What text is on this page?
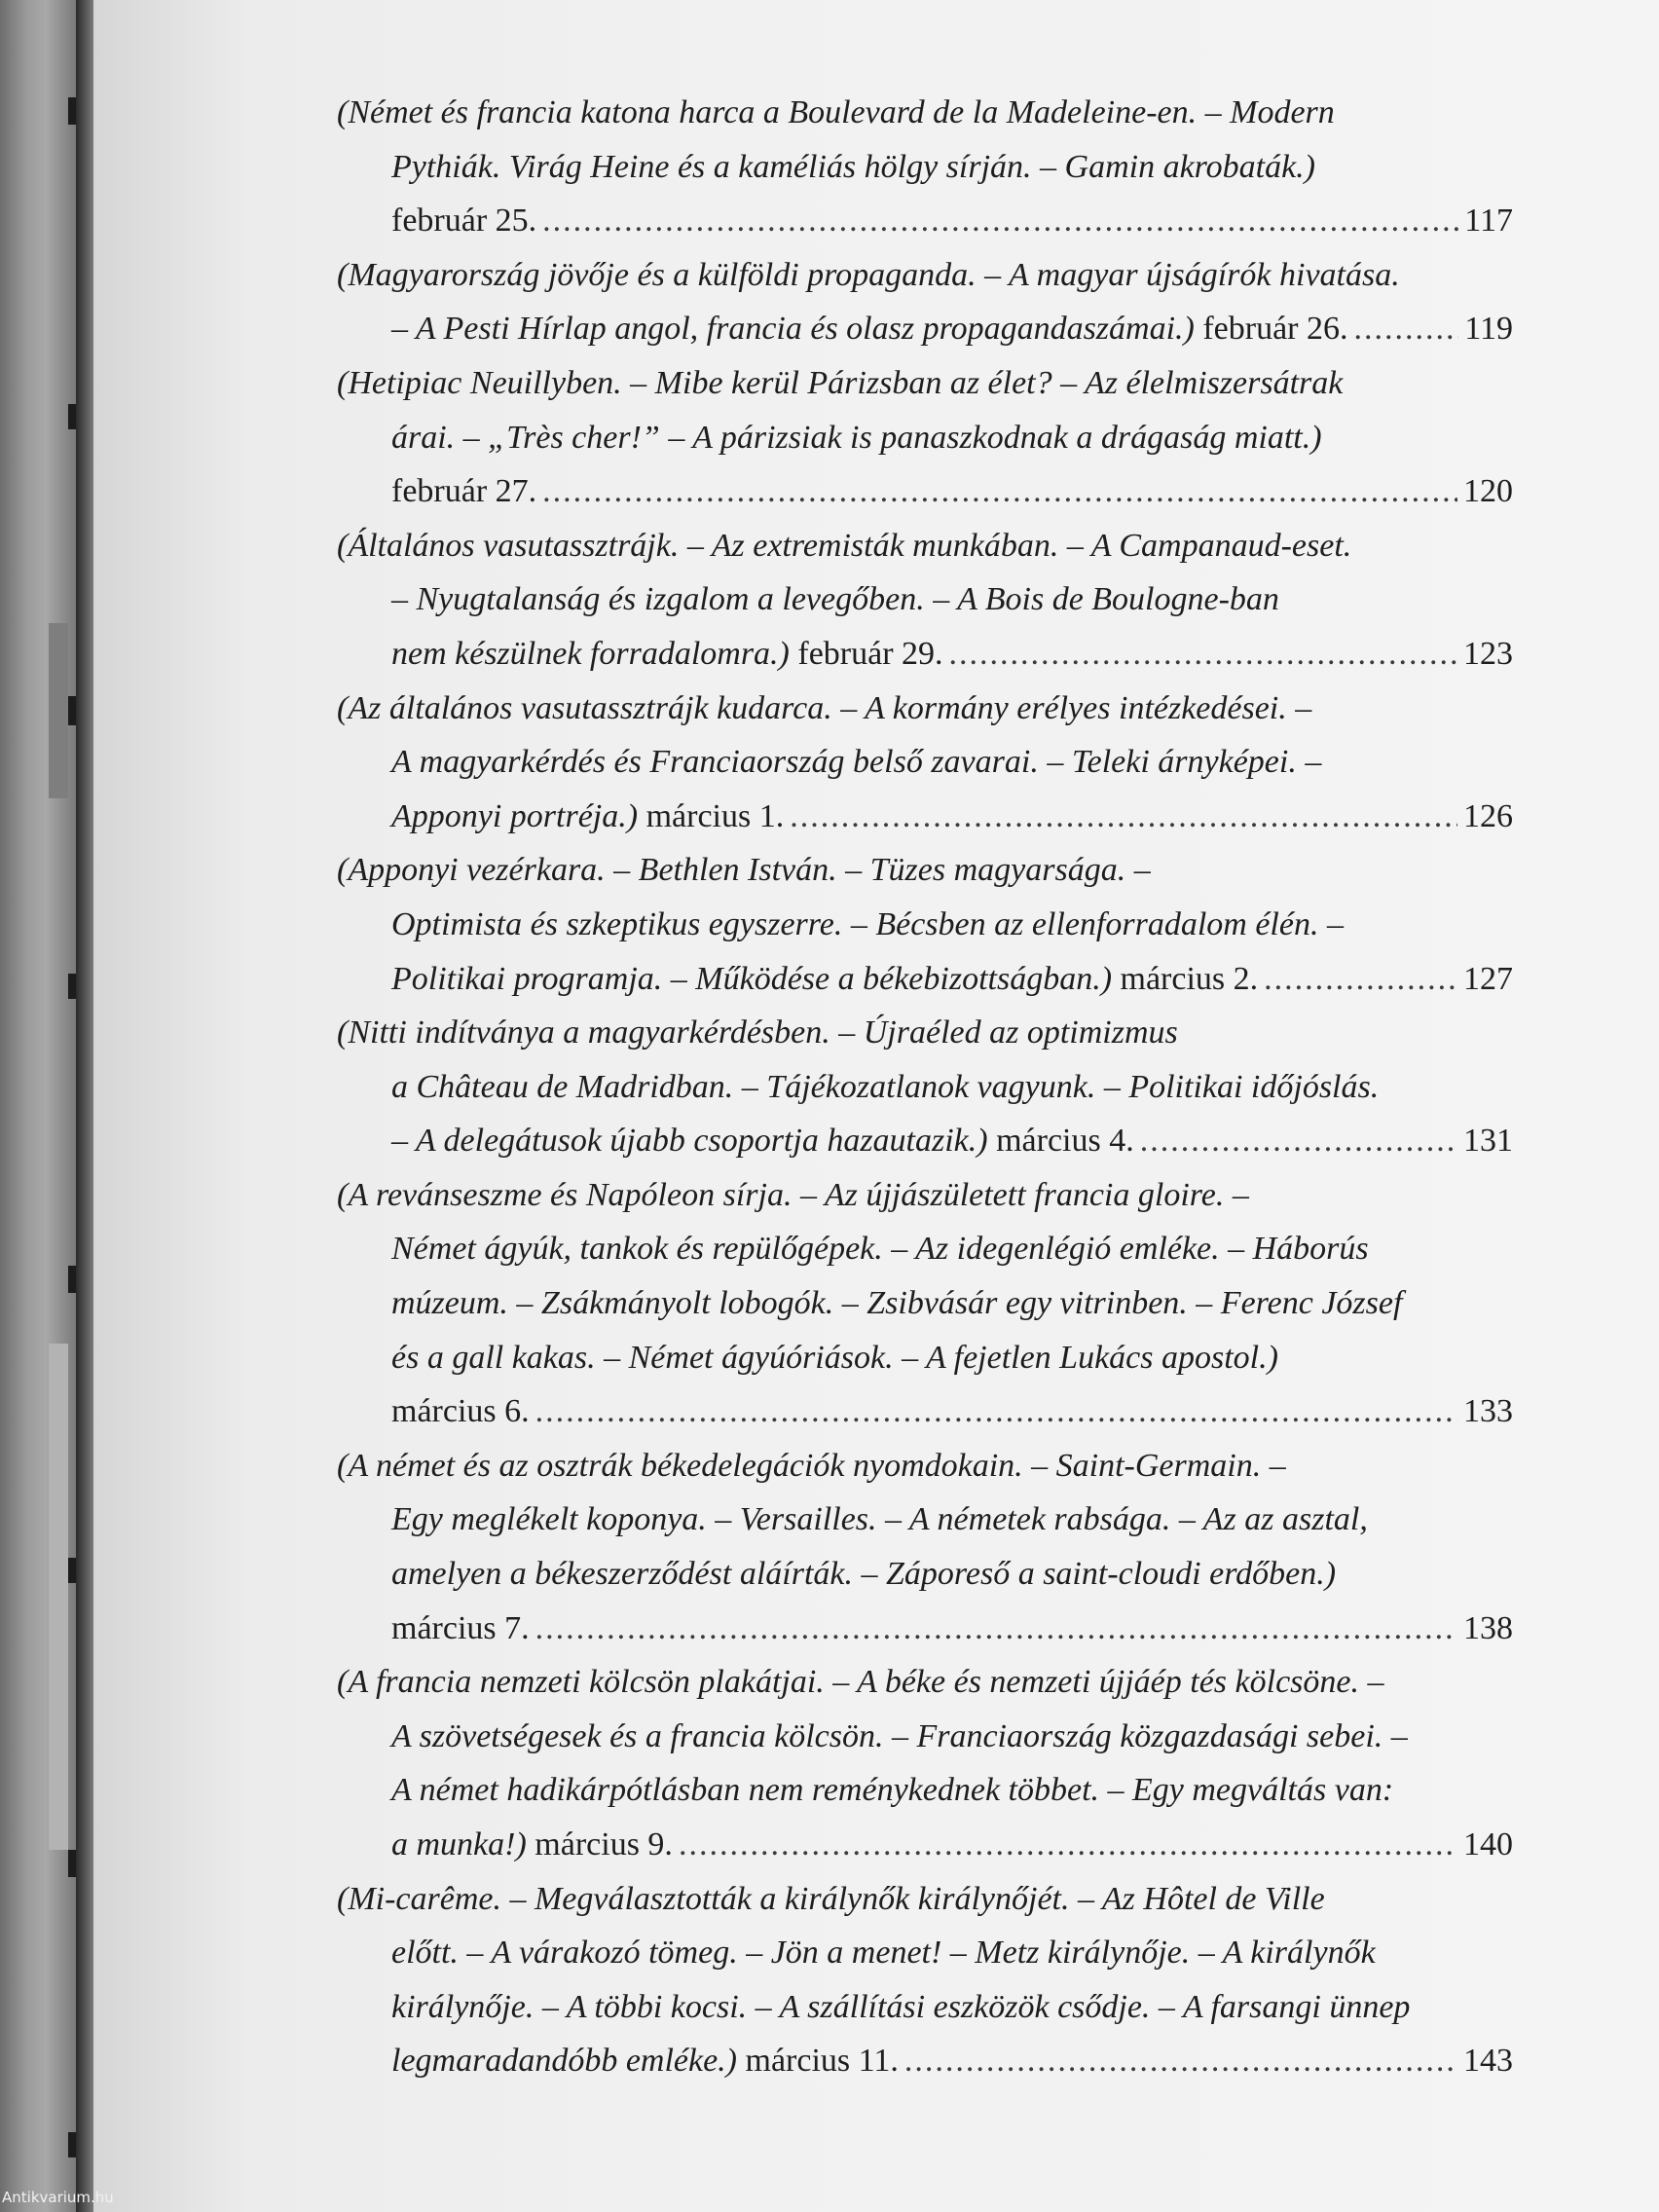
(Német és francia katona harca a Boulevard de la Madeleine-en. – Modern
Pythiák. Virág Heine és a kaméliás hölgy sírján. – Gamin akrobaták.)
február 25. .....	117
(Magyarország jövője és a külföldi propaganda. – A magyar újságírók hivatása.
– A Pesti Hírlap angol, francia és olasz propagandaszámai.) február 26. .....	119
(Hetipiac Neuillyben. – Mibe kerül Párizsban az élet? – Az élelmiszersátrak
árai. – „Très cher!” – A párizsiak is panaszkodnak a drágaság miatt.)
február 27. .....	120
(Általános vasutassztrájk. – Az extremisták munkában. – A Campanaud-eset.
– Nyugtalanság és izgalom a levegőben. – A Bois de Boulogne-ban
nem készülnek forradalomra.) február 29. .....	123
(Az általános vasutassztrájk kudarca. – A kormány erélyes intézkedései. –
A magyarkérdés és Franciaország belső zavarai. – Teleki árnyképei. –
Apponyi portréja.) március 1. .....	126
(Apponyi vezérkara. – Bethlen István. – Tüzes magyarsága. –
Optimista és szkeptikus egyszerre. – Bécsben az ellenforradalom élén. –
Politikai programja. – Működése a békebizottságban.) március 2. .....	127
(Nitti indítványa a magyarkérdésben. – Újraéled az optimizmus
a Château de Madridban. – Tájékozatlanok vagyunk. – Politikai időjóslás.
– A delegátusok újabb csoportja hazautazik.) március 4. .....	131
(A revánseszme és Napóleon sírja. – Az újjászületett francia gloire. –
Német ágyúk, tankok és repülőgépek. – Az idegenlégió emléke. – Háborús
múzeum. – Zsákmányolt lobogók. – Zsibvásár egy vitrinben. – Ferenc József
és a gall kakas. – Német ágyúóriások. – A fejetlen Lukács apostol.)
március 6. .....	133
(A német és az osztrák békedelegációk nyomdokain. – Saint-Germain. –
Egy meglékelt koponya. – Versailles. – A németek rabsága. – Az az asztal,
amelyen a békeszerződést aláírták. – Záporeső a saint-cloudi erdőben.)
március 7. .....	138
(A francia nemzeti kölcsön plakátjai. – A béke és nemzeti újjáép tés kölcsöne. –
A szövetségesek és a francia kölcsön. – Franciaország közgazdasági sebei. –
A német hadikárpótlásban nem reménykednek többet. – Egy megváltás van:
a munka!) március 9. .....	140
(Mi-carême. – Megválasztották a királynők királynőjét. – Az Hôtel de Ville
előtt. – A várakozó tömeg. – Jön a menet! – Metz királynője. – A királynők
királynője. – A többi kocsi. – A szállítási eszközök csődje. – A farsangi ünnep
legmaradandóbb emléke.) március 11. .....	143
Antikvarium.hu
